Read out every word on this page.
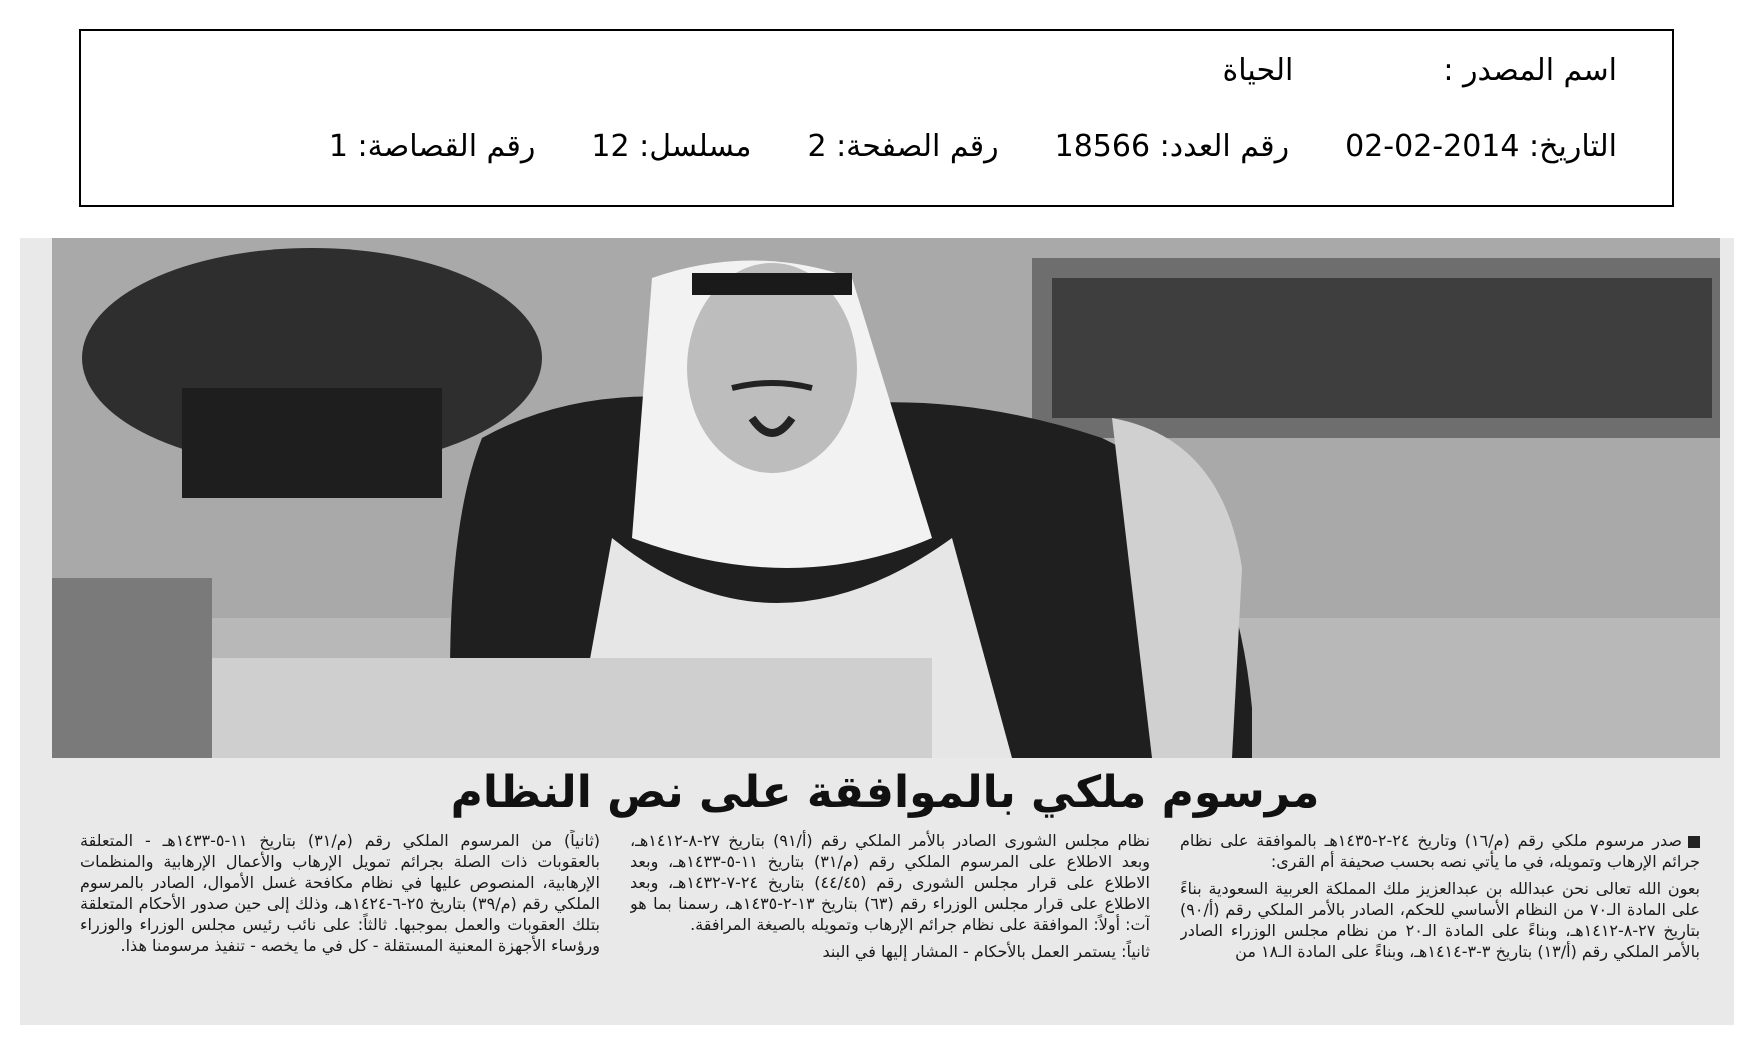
اسم المصدر :الحياة
التاريخ: 2014-02-02رقم العدد: 18566رقم الصفحة: 2مسلسل: 12رقم القصاصة: 1
مرسوم ملكي بالموافقة على نص النظام

صدر مرسوم ملكي رقم (م/١٦) وتاريخ ٢٤-٢-١٤٣٥هـ بالموافقة على نظام جرائم الإرهاب وتمويله، في ما يأتي نصه بحسب صحيفة أم القرى:

بعون الله تعالى نحن عبدالله بن عبدالعزيز ملك المملكة العربية السعودية بناءً على المادة الـ٧٠ من النظام الأساسي للحكم، الصادر بالأمر الملكي رقم (أ/٩٠) بتاريخ ٢٧-٨-١٤١٢هـ، وبناءً على المادة الـ٢٠ من نظام مجلس الوزراء الصادر بالأمر الملكي رقم (أ/١٣) بتاريخ ٣-٣-١٤١٤هـ، وبناءً على المادة الـ١٨ من

نظام مجلس الشورى الصادر بالأمر الملكي رقم (أ/٩١) بتاريخ ٢٧-٨-١٤١٢هـ، وبعد الاطلاع على المرسوم الملكي رقم (م/٣١) بتاريخ ١١-٥-١٤٣٣هـ، وبعد الاطلاع على قرار مجلس الشورى رقم (٤٤/٤٥) بتاريخ ٢٤-٧-١٤٣٢هـ، وبعد الاطلاع على قرار مجلس الوزراء رقم (٦٣) بتاريخ ١٣-٢-١٤٣٥هـ، رسمنا بما هو آت: أولاً: الموافقة على نظام جرائم الإرهاب وتمويله بالصيغة المرافقة.

ثانياً: يستمر العمل بالأحكام - المشار إليها في البند

(ثانياً) من المرسوم الملكي رقم (م/٣١) بتاريخ ١١-٥-١٤٣٣هـ - المتعلقة بالعقوبات ذات الصلة بجرائم تمويل الإرهاب والأعمال الإرهابية والمنظمات الإرهابية، المنصوص عليها في نظام مكافحة غسل الأموال، الصادر بالمرسوم الملكي رقم (م/٣٩) بتاريخ ٢٥-٦-١٤٢٤هـ، وذلك إلى حين صدور الأحكام المتعلقة بتلك العقوبات والعمل بموجبها. ثالثاً: على نائب رئيس مجلس الوزراء والوزراء ورؤساء الأجهزة المعنية المستقلة - كل في ما يخصه - تنفيذ مرسومنا هذا.
